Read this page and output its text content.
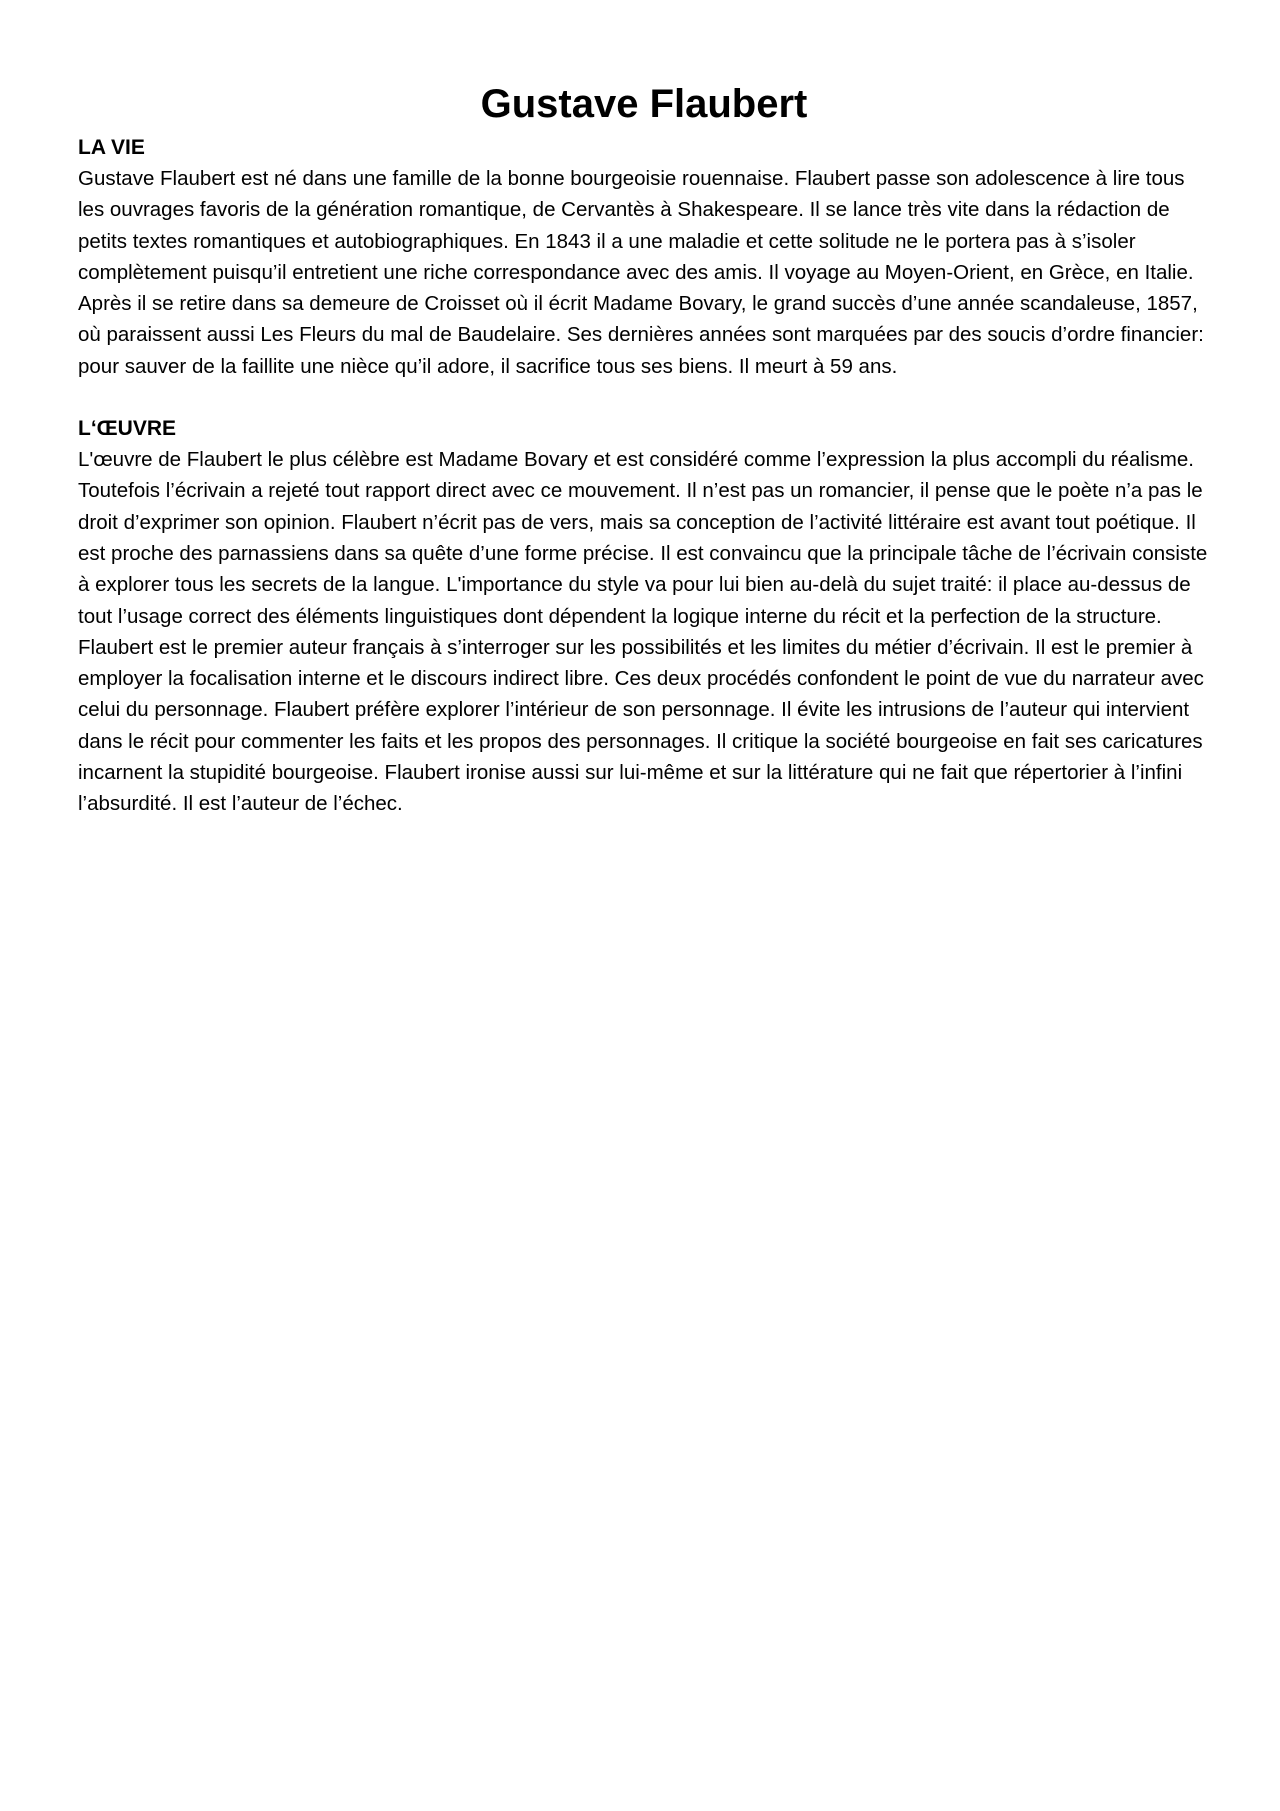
Gustave Flaubert
LA VIE

Gustave Flaubert est né dans une famille de la bonne bourgeoisie rouennaise. Flaubert passe son adolescence à lire tous les ouvrages favoris de la génération romantique, de Cervantès à Shakespeare. Il se lance très vite dans la rédaction de petits textes romantiques et autobiographiques. En 1843 il a une maladie et cette solitude ne le portera pas à s’isoler complètement puisqu’il entretient une riche correspondance avec des amis. Il voyage au Moyen-Orient, en Grèce, en Italie. Après il se retire dans sa demeure de Croisset où il écrit Madame Bovary, le grand succès d’une année scandaleuse, 1857, où paraissent aussi Les Fleurs du mal de Baudelaire. Ses dernières années sont marquées par des soucis d’ordre financier: pour sauver de la faillite une nièce qu’il adore, il sacrifice tous ses biens. Il meurt à 59 ans.

L‘ŒUVRE

L'œuvre de Flaubert le plus célèbre est Madame Bovary et est considéré comme l’expression la plus accompli du réalisme. Toutefois l’écrivain a rejeté tout rapport direct avec ce mouvement. Il n’est pas un romancier, il pense que le poète n’a pas le droit d’exprimer son opinion. Flaubert n’écrit pas de vers, mais sa conception de l’activité littéraire est avant tout poétique. Il est proche des parnassiens dans sa quête d’une forme précise. Il est convaincu que la principale tâche de l’écrivain consiste à explorer tous les secrets de la langue. L'importance du style va pour lui bien au-delà du sujet traité: il place au-dessus de tout l’usage correct des éléments linguistiques dont dépendent la logique interne du récit et la perfection de la structure. Flaubert est le premier auteur français à s’interroger sur les possibilités et les limites du métier d’écrivain. Il est le premier à employer la focalisation interne et le discours indirect libre. Ces deux procédés confondent le point de vue du narrateur avec celui du personnage. Flaubert préfère explorer l’intérieur de son personnage. Il évite les intrusions de l’auteur qui intervient dans le récit pour commenter les faits et les propos des personnages. Il critique la société bourgeoise en fait ses caricatures incarnent la stupidité bourgeoise. Flaubert ironise aussi sur lui-même et sur la littérature qui ne fait que répertorier à l’infini l’absurdité. Il est l’auteur de l’échec.
